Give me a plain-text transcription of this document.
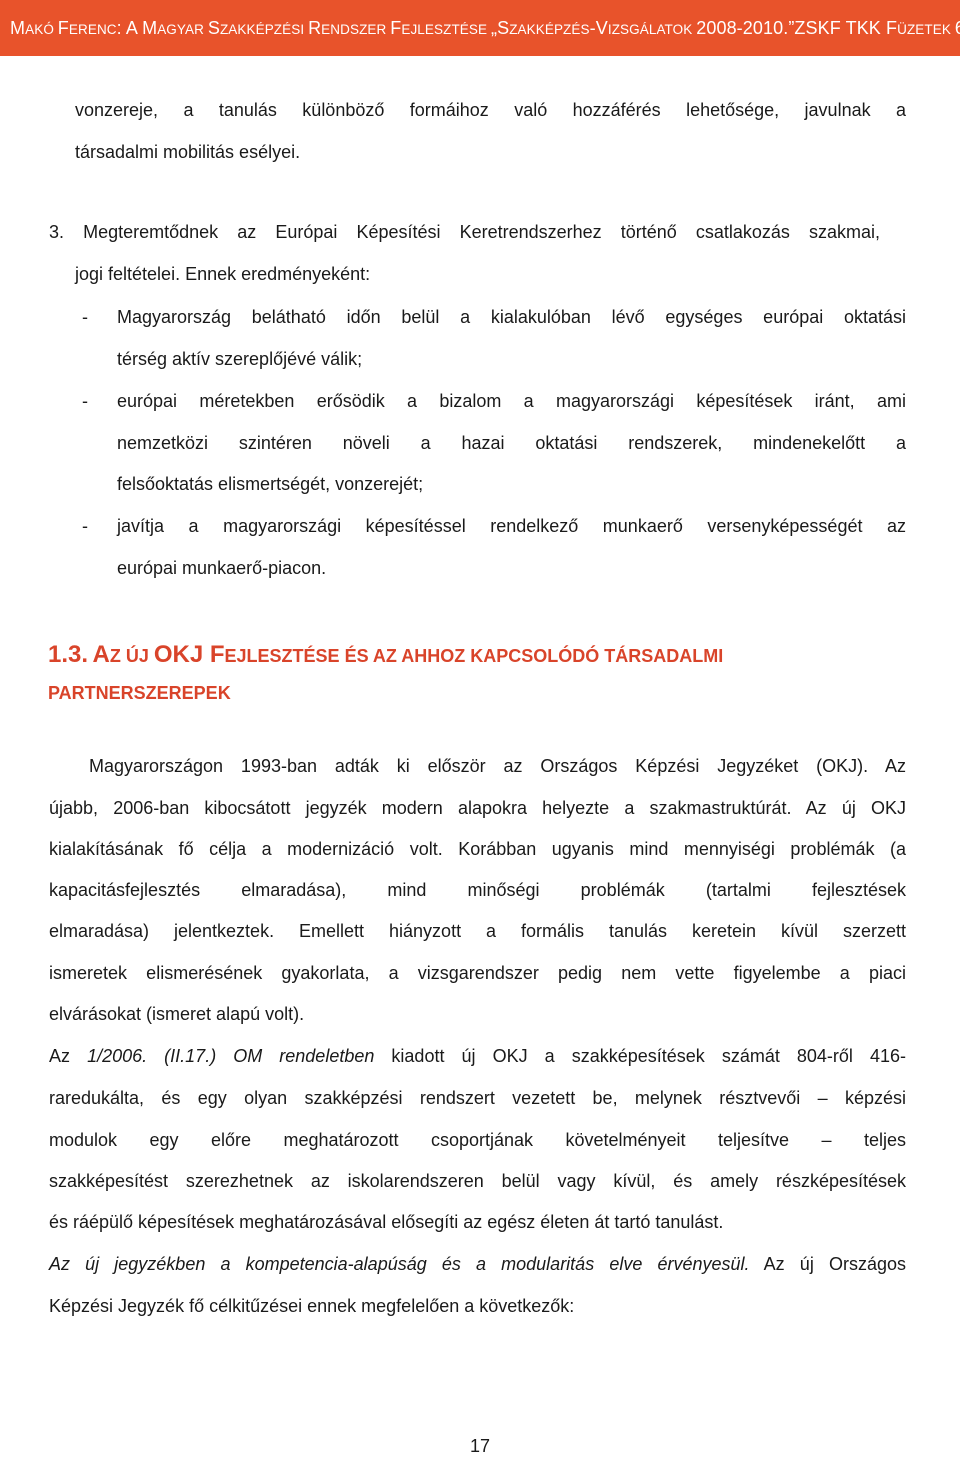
MAKÓ FERENC: A MAGYAR SZAKKÉPZÉSI RENDSZER FEJLESZTÉSE „SZAKKÉPZÉS-VIZSGÁLATOK 2008-2010.” ZSKF TKK FÜZETEK 6.
vonzereje, a tanulás különböző formáihoz való hozzáférés lehetősége, javulnak a
társadalmi mobilitás esélyei.
3. Megteremtődnek az Európai Képesítési Keretrendszerhez történő csatlakozás szakmai,
jogi feltételei. Ennek eredményeként:
-	Magyarország belátható időn belül a kialakulóban lévő egységes európai oktatási
térség aktív szereplőjévé válik;
-	európai méretekben erősödik a bizalom a magyarországi képesítések iránt, ami
nemzetközi szintéren növeli a hazai oktatási rendszerek, mindenekelőtt a
felsőoktatás elismertségét, vonzerejét;
-	javítja a magyarországi képesítéssel rendelkező munkaerő versenyképességét az
európai munkaerő-piacon.
1.3. AZ ÚJ OKJ FEJLESZTÉSE ÉS AZ AHHOZ KAPCSOLÓDÓ TÁRSADALMI
PARTNERSZEREPEK
Magyarországon 1993-ban adták ki először az Országos Képzési Jegyzéket (OKJ). Az
újabb, 2006-ban kibocsátott jegyzék modern alapokra helyezte a szakmastruktúrát. Az új OKJ
kialakításának fő célja a modernizáció volt. Korábban ugyanis mind mennyiségi problémák (a
kapacitásfejlesztés elmaradása), mind minőségi problémák (tartalmi fejlesztések
elmaradása) jelentkeztek. Emellett hiányzott a formális tanulás keretein kívül szerzett
ismeretek elismerésének gyakorlata, a vizsgarendszer pedig nem vette figyelembe a piaci
elvárásokat (ismeret alapú volt).
Az 1/2006. (II.17.) OM rendeletben kiadott új OKJ a szakképesítések számát 804-ről 416-
raredukálta, és egy olyan szakképzési rendszert vezetett be, melynek résztvevői – képzési
modulok egy előre meghatározott csoportjának követelményeit teljesítve – teljes
szakképesítést szerezhetnek az iskolarendszeren belül vagy kívül, és amely részképesítések
és ráépülő képesítések meghatározásával elősegíti az egész életen át tartó tanulást.
Az új jegyzékben a kompetencia-alapúság és a modularitás elve érvényesül. Az új Országos
Képzési Jegyzék fő célkitűzései ennek megfelelően a következők:
17
